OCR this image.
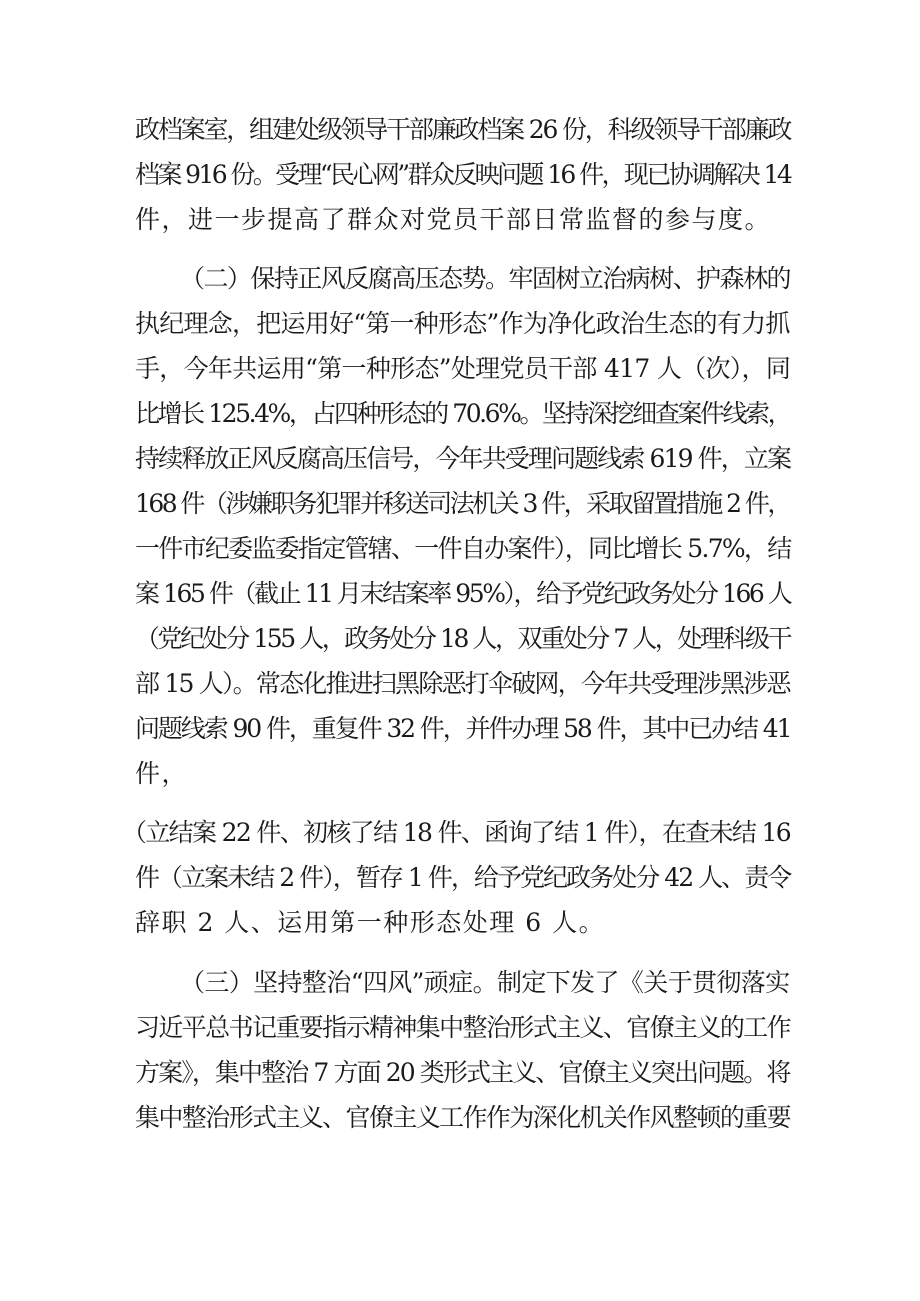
政档案室，组建处级领导干部廉政档案 26 份，科级领导干部廉政
档案 916 份。受理“民心网”群众反映问题 16 件，现已协调解决 14
件，进一步提高了群众对党员干部日常监督的参与度。
（二）保持正风反腐高压态势。牢固树立治病树、护森林的
执纪理念，把运用好“第一种形态”作为净化政治生态的有力抓
手，今年共运用“第一种形态”处理党员干部 417 人（次），同
比增长 125.4%，占四种形态的 70.6%。坚持深挖细查案件线索，
持续释放正风反腐高压信号，今年共受理问题线索 619 件，立案
168 件（涉嫌职务犯罪并移送司法机关 3 件，采取留置措施 2 件，
一件市纪委监委指定管辖、一件自办案件），同比增长 5.7%，结
案 165 件（截止 11 月末结案率 95%），给予党纪政务处分 166 人
（党纪处分 155 人，政务处分 18 人，双重处分 7 人，处理科级干
部 15 人）。常态化推进扫黑除恶打伞破网，今年共受理涉黑涉恶
问题线索 90 件，重复件 32 件，并件办理 58 件，其中已办结 41
件，
（立结案 22 件、初核了结 18 件、函询了结 1 件），在查未结 16
件（立案未结 2 件），暂存 1 件，给予党纪政务处分 42 人、责令
辞职 2 人、运用第一种形态处理 6 人。
（三）坚持整治“四风”顽症。制定下发了《关于贯彻落实
习近平总书记重要指示精神集中整治形式主义、官僚主义的工作
方案》，集中整治 7 方面 20 类形式主义、官僚主义突出问题。将
集中整治形式主义、官僚主义工作作为深化机关作风整顿的重要
